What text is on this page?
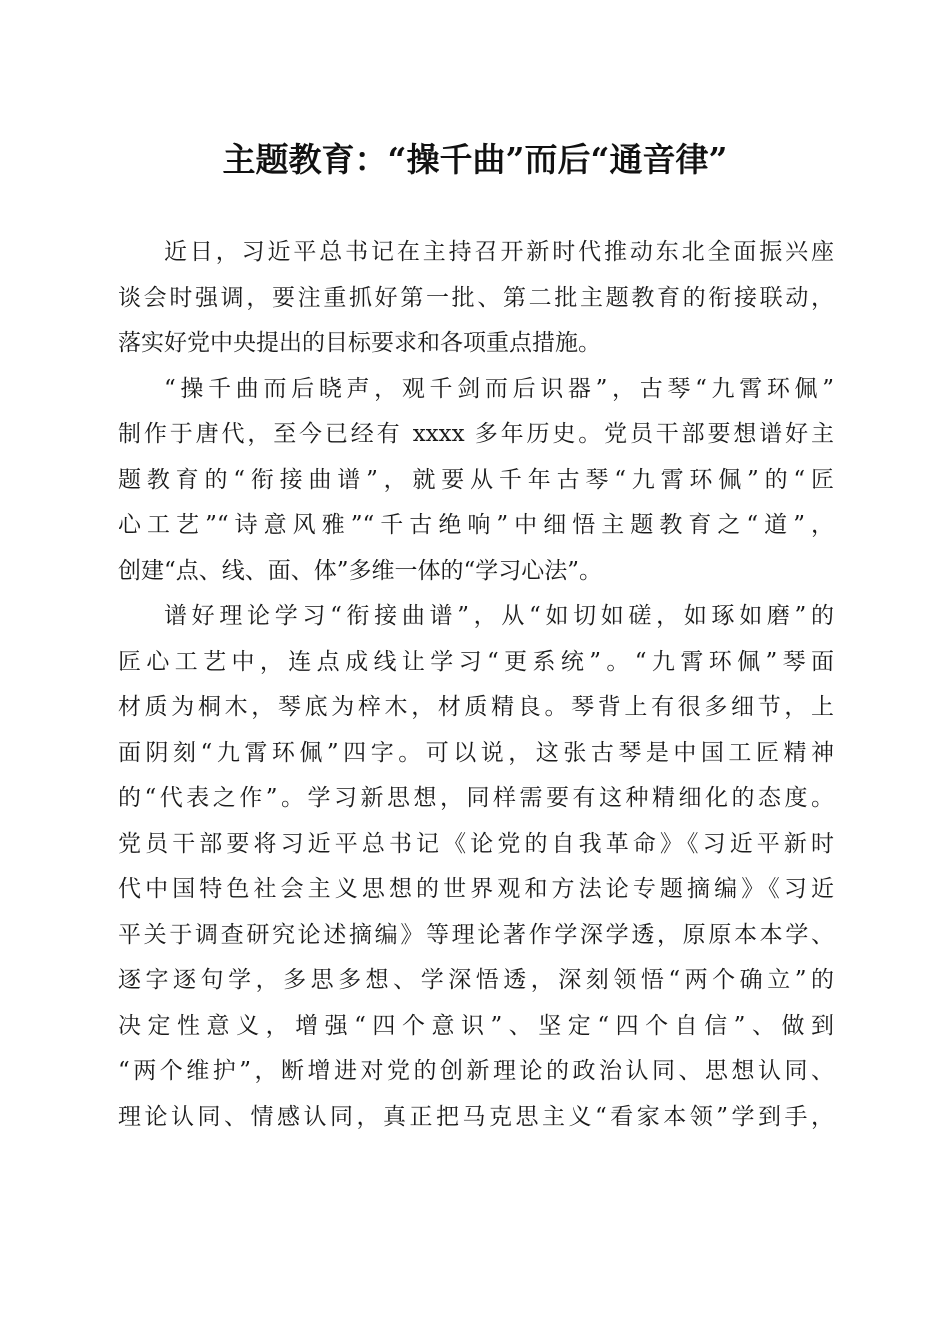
主题教育：“操千曲”而后“通音律”
近日，习近平总书记在主持召开新时代推动东北全面振兴座
谈会时强调，要注重抓好第一批、第二批主题教育的衔接联动，
落实好党中央提出的目标要求和各项重点措施。
“操千曲而后晓声，观千剑而后识器”，古琴“九霄环佩”
制作于唐代，至今已经有 xxxx 多年历史。党员干部要想谱好主
题教育的“衔接曲谱”，就要从千年古琴“九霄环佩”的“匠
心工艺”“诗意风雅”“千古绝响”中细悟主题教育之“道”，
创建“点、线、面、体”多维一体的“学习心法”。
谱好理论学习“衔接曲谱”，从“如切如磋，如琢如磨”的
匠心工艺中，连点成线让学习“更系统”。“九霄环佩”琴面
材质为桐木，琴底为梓木，材质精良。琴背上有很多细节，上
面阴刻“九霄环佩”四字。可以说，这张古琴是中国工匠精神
的“代表之作”。学习新思想，同样需要有这种精细化的态度。
党员干部要将习近平总书记《论党的自我革命》《习近平新时
代中国特色社会主义思想的世界观和方法论专题摘编》《习近
平关于调查研究论述摘编》等理论著作学深学透，原原本本学、
逐字逐句学，多思多想、学深悟透，深刻领悟“两个确立”的
决定性意义，增强“四个意识”、坚定“四个自信”、做到
“两个维护”，断增进对党的创新理论的政治认同、思想认同、
理论认同、情感认同，真正把马克思主义“看家本领”学到手，
